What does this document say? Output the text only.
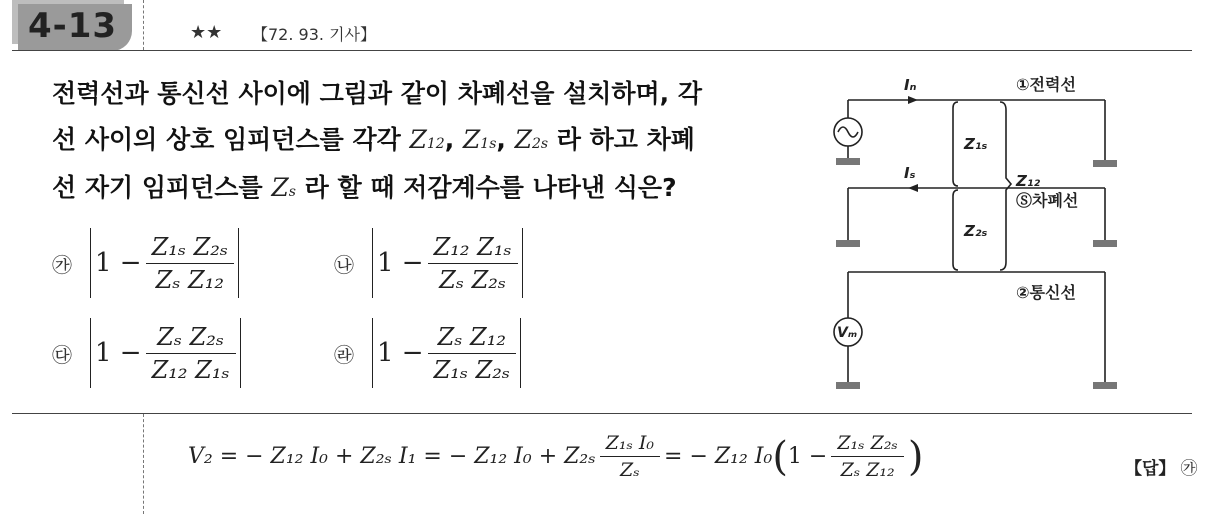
4-13	★★ 【72. 93. 기사】
전력선과 통신선 사이에 그림과 같이 차폐선을 설치하며, 각
선 사이의 상호 임피던스를 각각 Z12, Z1s, Z2s 라 하고 차폐
선 자기 임피던스를 Zs 라 할 때 저감계수를 나타낸 식은?
㉮ $1 - \frac{\text{Z₁ₛ Z₂ₛ}}{\text{Zₛ Z₁₂}}$	㉯ $1 - \frac{\text{Z₁₂ Z₁ₛ}}{\text{Zₛ Z₂ₛ}}$
㉰ $1 - \frac{\text{Zₛ Z₂ₛ}}{\text{Z₁₂ Z₁ₛ}}$	㉱ $1 - \frac{\text{Zₛ Z₁₂}}{\text{Z₁ₛ Z₂ₛ}}$
Iₙ
Iₛ
①전력선
Ⓢ차폐선
②통신선
Z₁ₛ
Z₂ₛ
Z₁₂
Vₘ
V₂ = − Z₁₂ I₀ + Z₂ₛ I₁ = − Z₁₂ $I_0 + Z_{2s} \frac{\text{Z₁ₛ I₀}}{\text{Zₛ}}$ = − Z₁₂ I₀ ( $1 - \frac{\text{Z₁ₛ Z₂ₛ}}{\text{Zₛ Z₁₂}}$ )	【답】 ㉮
